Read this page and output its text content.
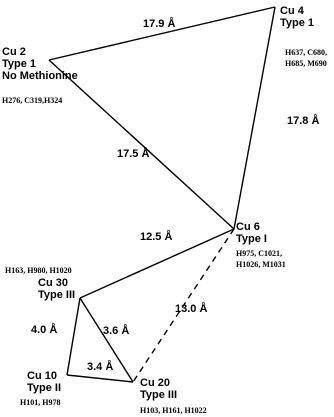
17.9 Å
17.8 Å
17.5 Å
12.5 Å
13.0 Å
4.0 Å	3.6 Å
3.4 Å
Cu 4
Type 1
H637, C680,
H685, M690
Cu 2
Type 1
No Methionine
H276, C319,H324
Cu 6
Type I
H975, C1021,
H1026, M1031
Cu 30
Type III
H163, H980, H1020
Cu 10
Type II
H101, H978
Cu 20
Type III
H103, H161, H1022
